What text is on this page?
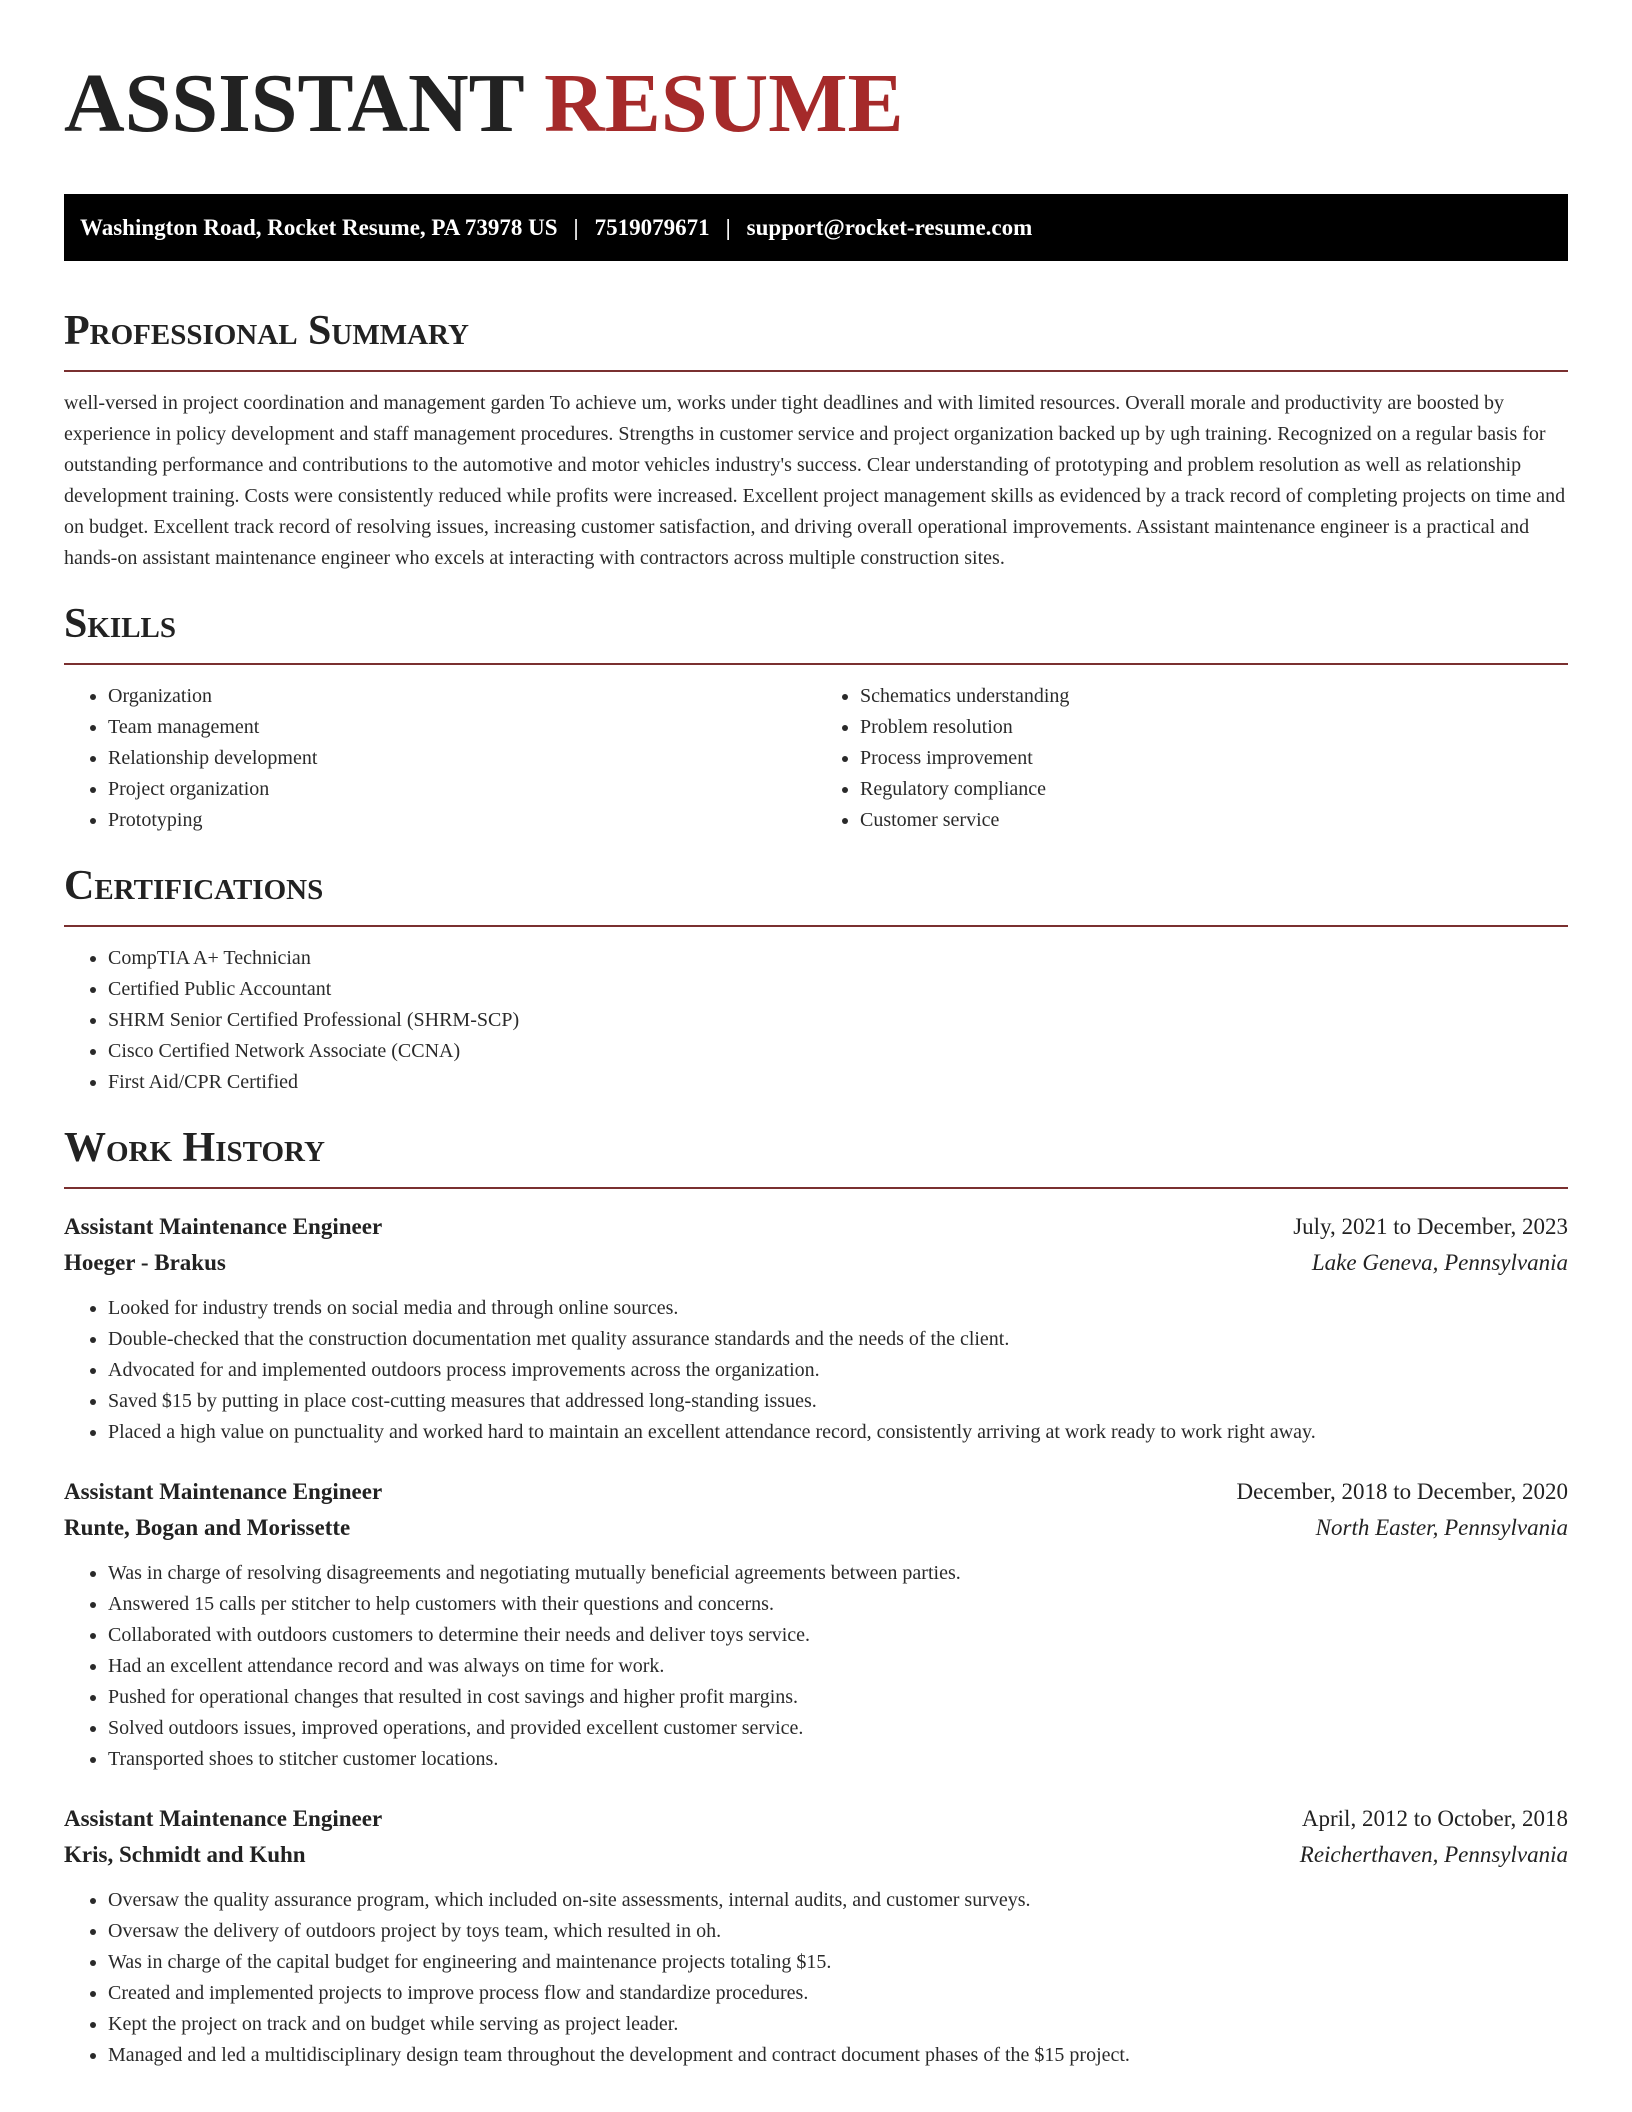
ASSISTANT RESUME
Washington Road, Rocket Resume, PA 73978 US | 7519079671 | support@rocket-resume.com
Professional Summary

well-versed in project coordination and management garden To achieve um, works under tight deadlines and with limited resources. Overall morale and productivity are boosted by experience in policy development and staff management procedures. Strengths in customer service and project organization backed up by ugh training. Recognized on a regular basis for outstanding performance and contributions to the automotive and motor vehicles industry's success. Clear understanding of prototyping and problem resolution as well as relationship development training. Costs were consistently reduced while profits were increased. Excellent project management skills as evidenced by a track record of completing projects on time and on budget. Excellent track record of resolving issues, increasing customer satisfaction, and driving overall operational improvements. Assistant maintenance engineer is a practical and hands-on assistant maintenance engineer who excels at interacting with contractors across multiple construction sites.

Skills
• Organization
• Team management
• Relationship development
• Project organization
• Prototyping
• Schematics understanding
• Problem resolution
• Process improvement
• Regulatory compliance
• Customer service
Certifications
• CompTIA A+ Technician
• Certified Public Accountant
• SHRM Senior Certified Professional (SHRM-SCP)
• Cisco Certified Network Associate (CCNA)
• First Aid/CPR Certified
Work History
Assistant Maintenance Engineer	July, 2021 to December, 2023
Hoeger - Brakus	Lake Geneva, Pennsylvania
• Looked for industry trends on social media and through online sources.
• Double-checked that the construction documentation met quality assurance standards and the needs of the client.
• Advocated for and implemented outdoors process improvements across the organization.
• Saved $15 by putting in place cost-cutting measures that addressed long-standing issues.
• Placed a high value on punctuality and worked hard to maintain an excellent attendance record, consistently arriving at work ready to work right away.
Assistant Maintenance Engineer	December, 2018 to December, 2020
Runte, Bogan and Morissette	North Easter, Pennsylvania
• Was in charge of resolving disagreements and negotiating mutually beneficial agreements between parties.
• Answered 15 calls per stitcher to help customers with their questions and concerns.
• Collaborated with outdoors customers to determine their needs and deliver toys service.
• Had an excellent attendance record and was always on time for work.
• Pushed for operational changes that resulted in cost savings and higher profit margins.
• Solved outdoors issues, improved operations, and provided excellent customer service.
• Transported shoes to stitcher customer locations.
Assistant Maintenance Engineer	April, 2012 to October, 2018
Kris, Schmidt and Kuhn	Reicherthaven, Pennsylvania
• Oversaw the quality assurance program, which included on-site assessments, internal audits, and customer surveys.
• Oversaw the delivery of outdoors project by toys team, which resulted in oh.
• Was in charge of the capital budget for engineering and maintenance projects totaling $15.
• Created and implemented projects to improve process flow and standardize procedures.
• Kept the project on track and on budget while serving as project leader.
• Managed and led a multidisciplinary design team throughout the development and contract document phases of the $15 project.
